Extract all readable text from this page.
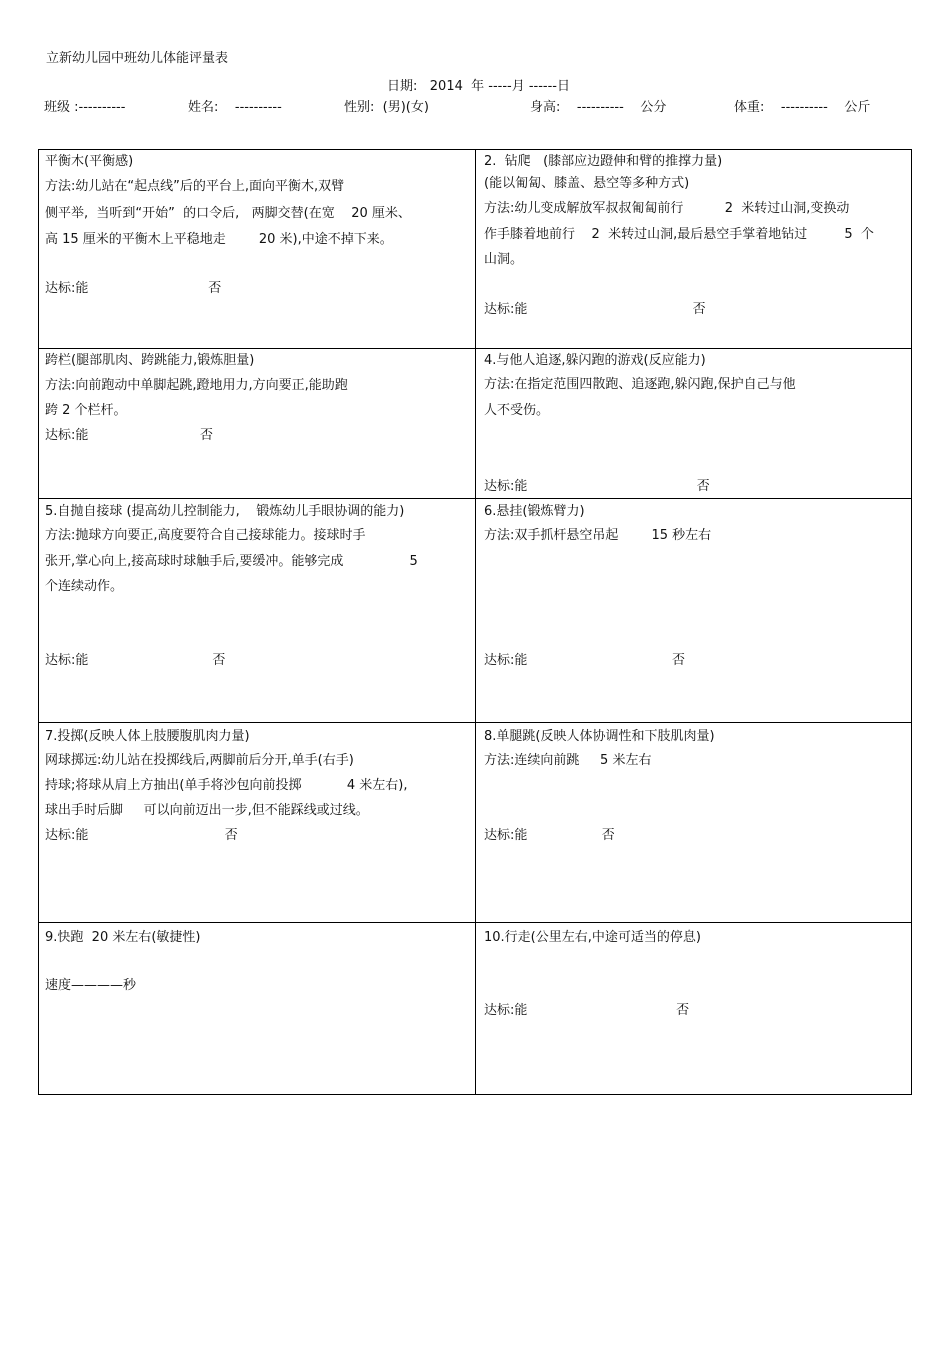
立新幼儿园中班幼儿体能评量表
日期:   2014  年 -----月 ------日
班级 :----------	姓名:    ----------	性别:  (男)(女)	身高:    ----------    公分	体重:    ----------    公斤
平衡木(平衡感)
方法:幼儿站在“起点线”后的平台上,面向平衡木,双臂
侧平举,  当听到“开始”  的口令后,   两脚交替(在宽    20 厘米、
高 15 厘米的平衡木上平稳地走        20 米),中途不掉下来。
达标:能                             否
2.  钻爬   (膝部应边蹬伸和臂的推撑力量)
(能以匍匐、膝盖、悬空等多种方式)
方法:幼儿变成解放军叔叔匍匐前行          2  米转过山洞,变换动
作手膝着地前行    2  米转过山洞,最后悬空手掌着地钻过         5  个
山洞。
达标:能                                        否
跨栏(腿部肌肉、跨跳能力,锻炼胆量)
方法:向前跑动中单脚起跳,蹬地用力,方向要正,能助跑
跨 2 个栏杆。
达标:能                           否
4.与他人追逐,躲闪跑的游戏(反应能力)
方法:在指定范围四散跑、追逐跑,躲闪跑,保护自己与他
人不受伤。
达标:能                                         否
5.自抛自接球 (提高幼儿控制能力,    锻炼幼儿手眼协调的能力)
方法:抛球方向要正,高度要符合自己接球能力。接球时手
张开,掌心向上,接高球时球触手后,要缓冲。能够完成                5
个连续动作。
达标:能                              否
6.悬挂(锻炼臂力)
方法:双手抓杆悬空吊起        15 秒左右
达标:能                                   否
7.投掷(反映人体上肢腰腹肌肉力量)
网球掷远:幼儿站在投掷线后,两脚前后分开,单手(右手)
持球;将球从肩上方抽出(单手将沙包向前投掷           4 米左右),
球出手时后脚     可以向前迈出一步,但不能踩线或过线。
达标:能                                 否
8.单腿跳(反映人体协调性和下肢肌肉量)
方法:连续向前跳     5 米左右
达标:能                  否
9.快跑  20 米左右(敏捷性)
速度————秒
10.行走(公里左右,中途可适当的停息)
达标:能                                    否
